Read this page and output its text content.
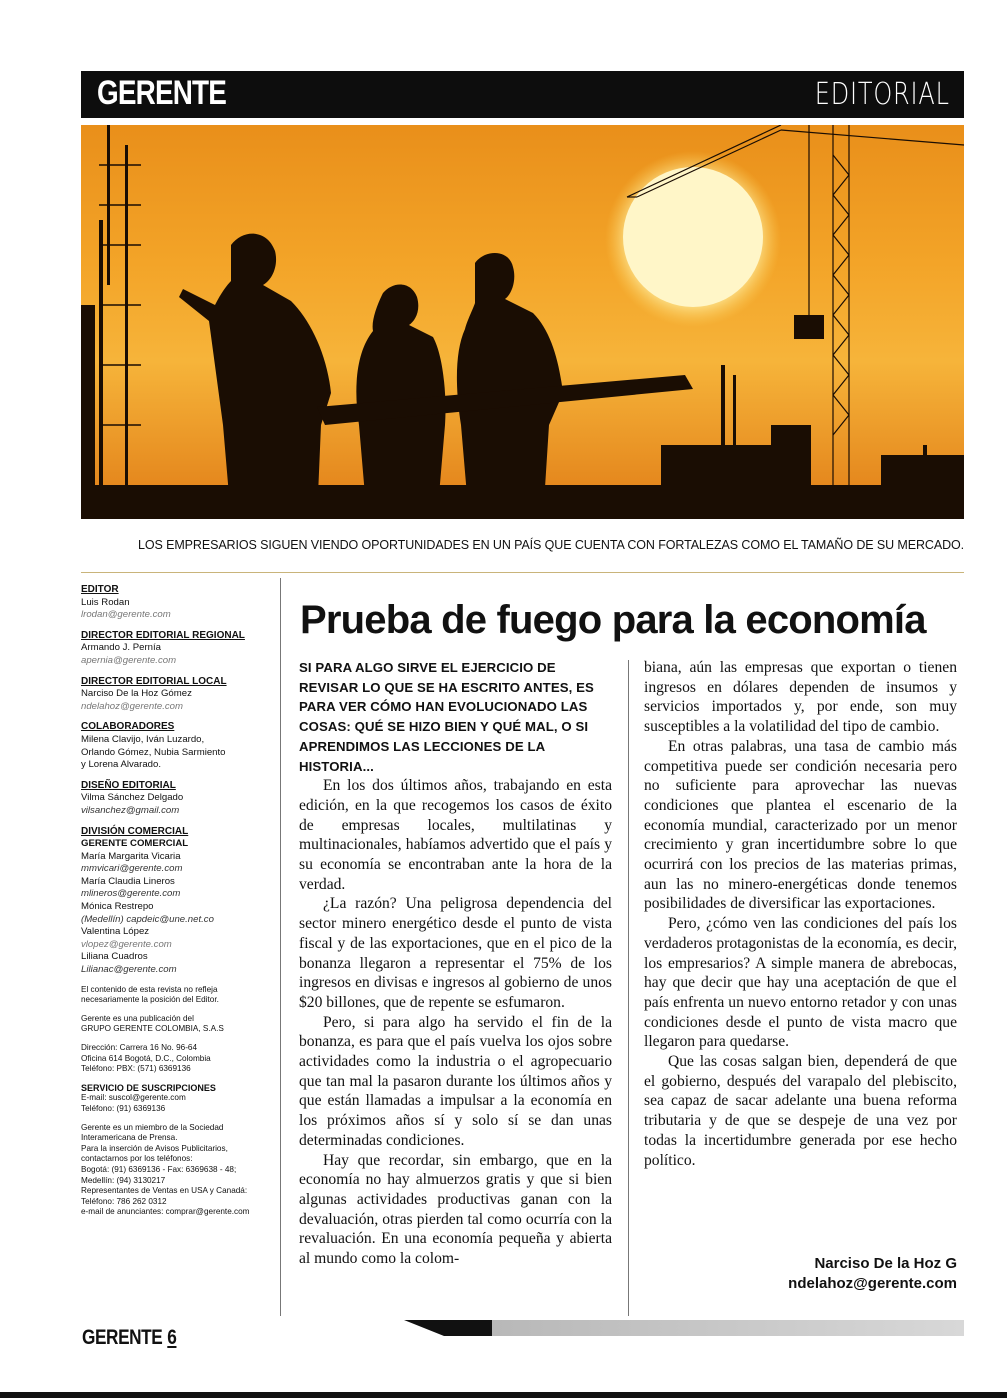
GERENTE	EDITORIAL
LOS EMPRESARIOS SIGUEN VIENDO OPORTUNIDADES EN UN PAÍS QUE CUENTA CON FORTALEZAS COMO EL TAMAÑO DE SU MERCADO.
EDITOR
Luis Rodan
lrodan@gerente.com
DIRECTOR EDITORIAL REGIONAL
Armando J. Pernía
apernia@gerente.com
DIRECTOR EDITORIAL LOCAL
Narciso De la Hoz Gómez
ndelahoz@gerente.com
COLABORADORES
Milena Clavijo, Iván Luzardo,
Orlando Gómez, Nubia Sarmiento
y Lorena Alvarado.
DISEÑO EDITORIAL
Vilma Sánchez Delgado
vilsanchez@gmail.com
DIVISIÓN COMERCIAL
GERENTE COMERCIAL
María Margarita Vicaria
mmvicari@gerente.com
María Claudia Lineros
mlineros@gerente.com
Mónica Restrepo
(Medellín) capdeic@une.net.co
Valentina López
vlopez@gerente.com
Liliana Cuadros
Lilianac@gerente.com
El contenido de esta revista no refleja
necesariamente la posición del Editor.
Gerente es una publicación del
GRUPO GERENTE COLOMBIA, S.A.S
Dirección: Carrera 16 No. 96-64
Oficina 614 Bogotá, D.C., Colombia
Teléfono: PBX: (571) 6369136
SERVICIO DE SUSCRIPCIONES
E-mail: suscol@gerente.com
Teléfono: (91) 6369136
Gerente es un miembro de la Sociedad
Interamericana de Prensa.
Para la inserción de Avisos Publicitarios,
contactarnos por los teléfonos:
Bogotá: (91) 6369136 - Fax: 6369638 - 48;
Medellín: (94) 3130217
Representantes de Ventas en USA y Canadá:
Teléfono: 786 262 0312
e-mail de anunciantes: comprar@gerente.com
Prueba de fuego para la economía

SI PARA ALGO SIRVE EL EJERCICIO DE REVISAR LO QUE SE HA ESCRITO ANTES, ES PARA VER CÓMO HAN EVOLUCIONADO LAS COSAS: QUÉ SE HIZO BIEN Y QUÉ MAL, O SI APRENDIMOS LAS LECCIONES DE LA HISTORIA...

En los dos últimos años, trabajando en esta edición, en la que recogemos los casos de éxito de empresas locales, multilatinas y multinacionales, habíamos advertido que el país y su economía se encontraban ante la hora de la verdad.

¿La razón? Una peligrosa dependencia del sector minero energético desde el punto de vista fiscal y de las exportaciones, que en el pico de la bonanza llegaron a representar el 75% de los ingresos en divisas e ingresos al gobierno de unos $20 billones, que de repente se esfumaron.

Pero, si para algo ha servido el fin de la bonanza, es para que el país vuelva los ojos sobre actividades como la industria o el agropecuario que tan mal la pasaron durante los últimos años y que están llamadas a impulsar a la economía en los próximos años sí y solo sí se dan unas determinadas condiciones.

Hay que recordar, sin embargo, que en la economía no hay almuerzos gratis y que si bien algunas actividades productivas ganan con la devaluación, otras pierden tal como ocurría con la revaluación. En una economía pequeña y abierta al mundo como la colom-

biana, aún las empresas que exportan o tienen ingresos en dólares dependen de insumos y servicios importados y, por ende, son muy susceptibles a la volatilidad del tipo de cambio.

En otras palabras, una tasa de cambio más competitiva puede ser condición necesaria pero no suficiente para aprovechar las nuevas condiciones que plantea el escenario de la economía mundial, caracterizado por un menor crecimiento y gran incertidumbre sobre lo que ocurrirá con los precios de las materias primas, aun las no minero-energéticas donde tenemos posibilidades de diversificar las exportaciones.

Pero, ¿cómo ven las condiciones del país los verdaderos protagonistas de la economía, es decir, los empresarios? A simple manera de abrebocas, hay que decir que hay una aceptación de que el país enfrenta un nuevo entorno retador y con unas condiciones desde el punto de vista macro que llegaron para quedarse.

Que las cosas salgan bien, dependerá de que el gobierno, después del varapalo del plebiscito, sea capaz de sacar adelante una buena reforma tributaria y de que se despeje de una vez por todas la incertidumbre generada por ese hecho político.

Narciso De la Hoz G
ndelahoz@gerente.com
GERENTE 6
